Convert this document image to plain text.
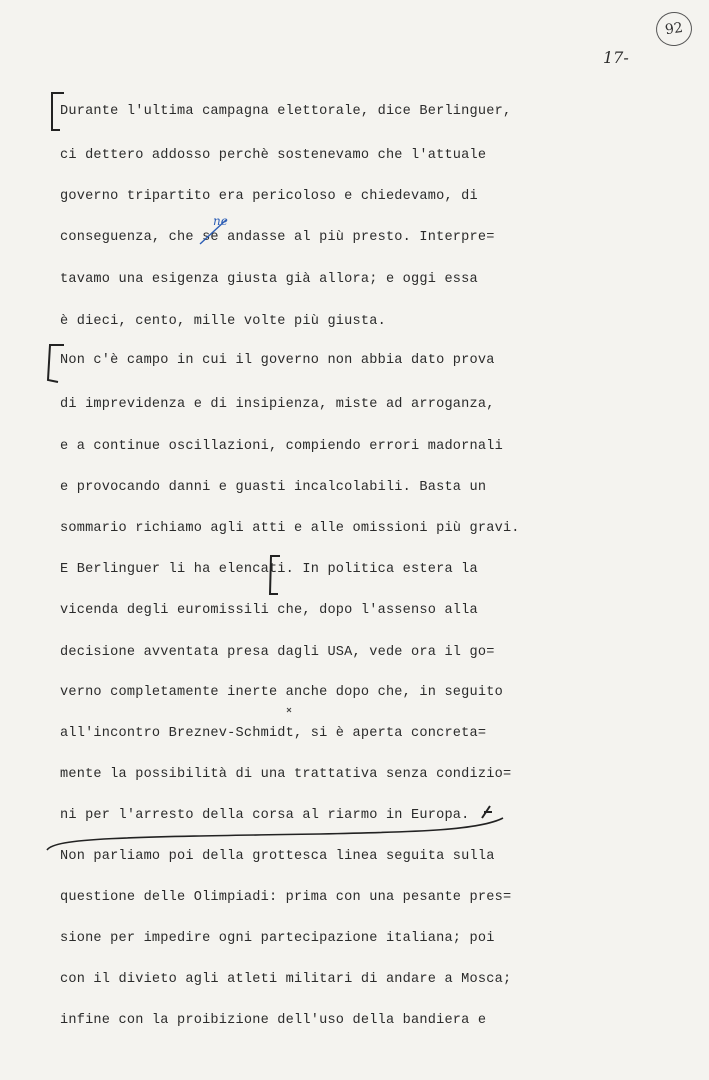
92
17-
ne
Durante l'ultima campagna elettorale, dice Berlinguer,
ci dettero addosso perchè sostenevamo che l'attuale
governo tripartito era pericoloso e chiedevamo, di
conseguenza, che se andasse al più presto. Interpre=
tavamo una esigenza giusta già allora; e oggi essa
è dieci, cento, mille volte più giusta.
Non c'è campo in cui il governo non abbia dato prova
di imprevidenza e di insipienza, miste ad arroganza,
e a continue oscillazioni, compiendo errori madornali
e provocando danni e guasti incalcolabili. Basta un
sommario richiamo agli atti e alle omissioni più gravi.
E Berlinguer li ha elencati. In politica estera la
vicenda degli euromissili che, dopo l'assenso alla
decisione avventata presa dagli USA, vede ora il go=
verno completamente inerte anche dopo che, in seguito
all'incontro Breznev-Schmidt, si è aperta concreta=
mente la possibilità di una trattativa senza condizio=
ni per l'arresto della corsa al riarmo in Europa.
Non parliamo poi della grottesca linea seguita sulla
questione delle Olimpiadi: prima con una pesante pres=
sione per impedire ogni partecipazione italiana; poi
con il divieto agli atleti militari di andare a Mosca;
infine con la proibizione dell'uso della bandiera e
